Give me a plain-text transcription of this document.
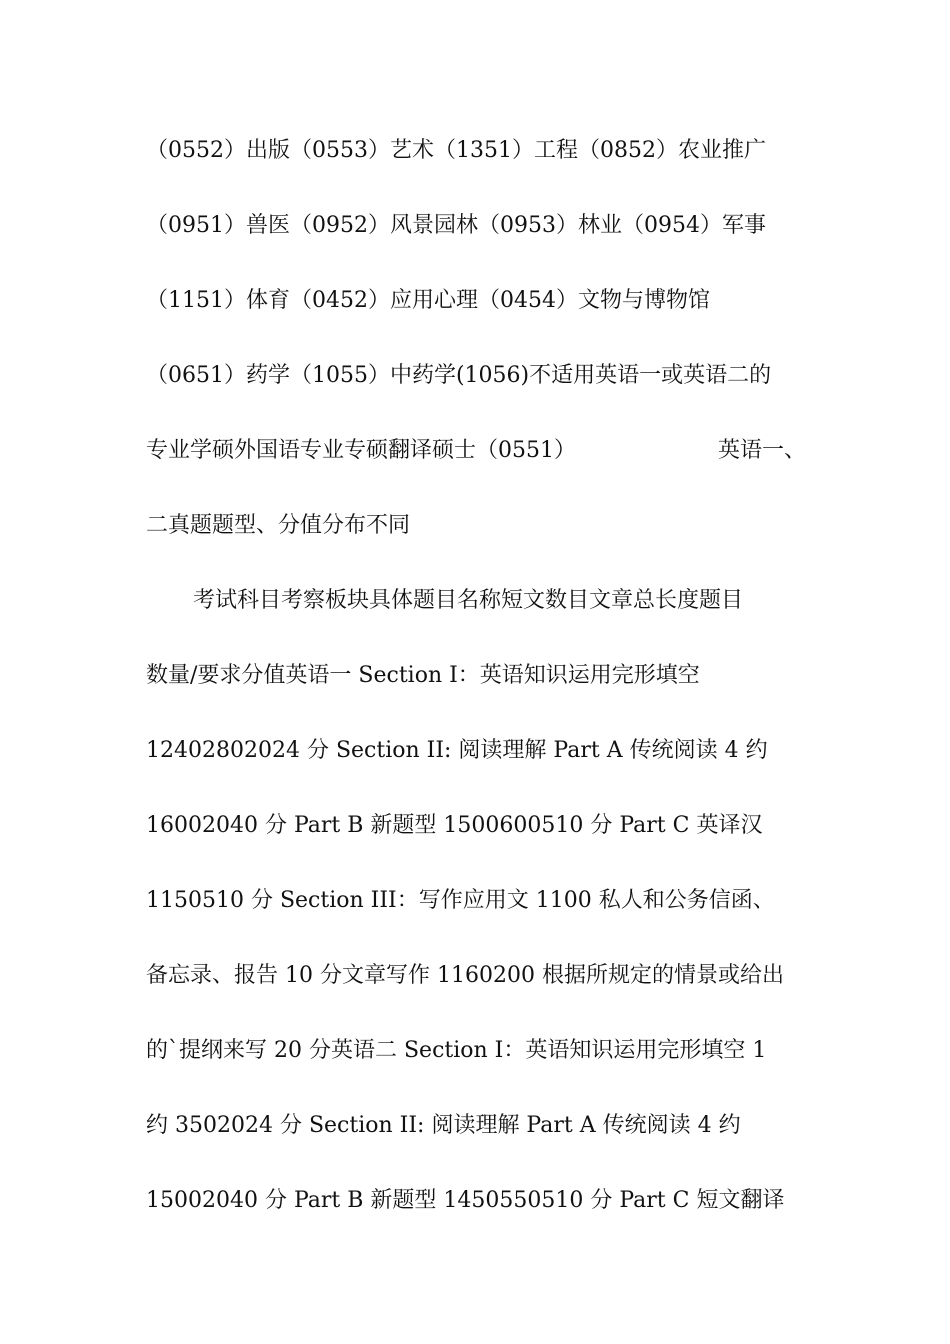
（0552）出版（0553）艺术（1351）工程（0852）农业推广
（0951）兽医（0952）风景园林（0953）林业（0954）军事
（1151）体育（0452）应用心理（0454）文物与博物馆
（0651）药学（1055）中药学(1056)不适用英语一或英语二的
专业学硕外国语专业专硕翻译硕士（0551）	英语一、
二真题题型、分值分布不同
考试科目考察板块具体题目名称短文数目文章总长度题目
数量/要求分值英语一 Section I：英语知识运用完形填空
12402802024 分 Section II: 阅读理解 Part A 传统阅读 4 约
16002040 分 Part B 新题型 1500600510 分 Part C 英译汉
1150510 分 Section III：写作应用文 1100 私人和公务信函、
备忘录、报告 10 分文章写作 1160200 根据所规定的情景或给出
的`提纲来写 20 分英语二 Section I：英语知识运用完形填空 1
约 3502024 分 Section II: 阅读理解 Part A 传统阅读 4 约
15002040 分 Part B 新题型 1450550510 分 Part C 短文翻译
